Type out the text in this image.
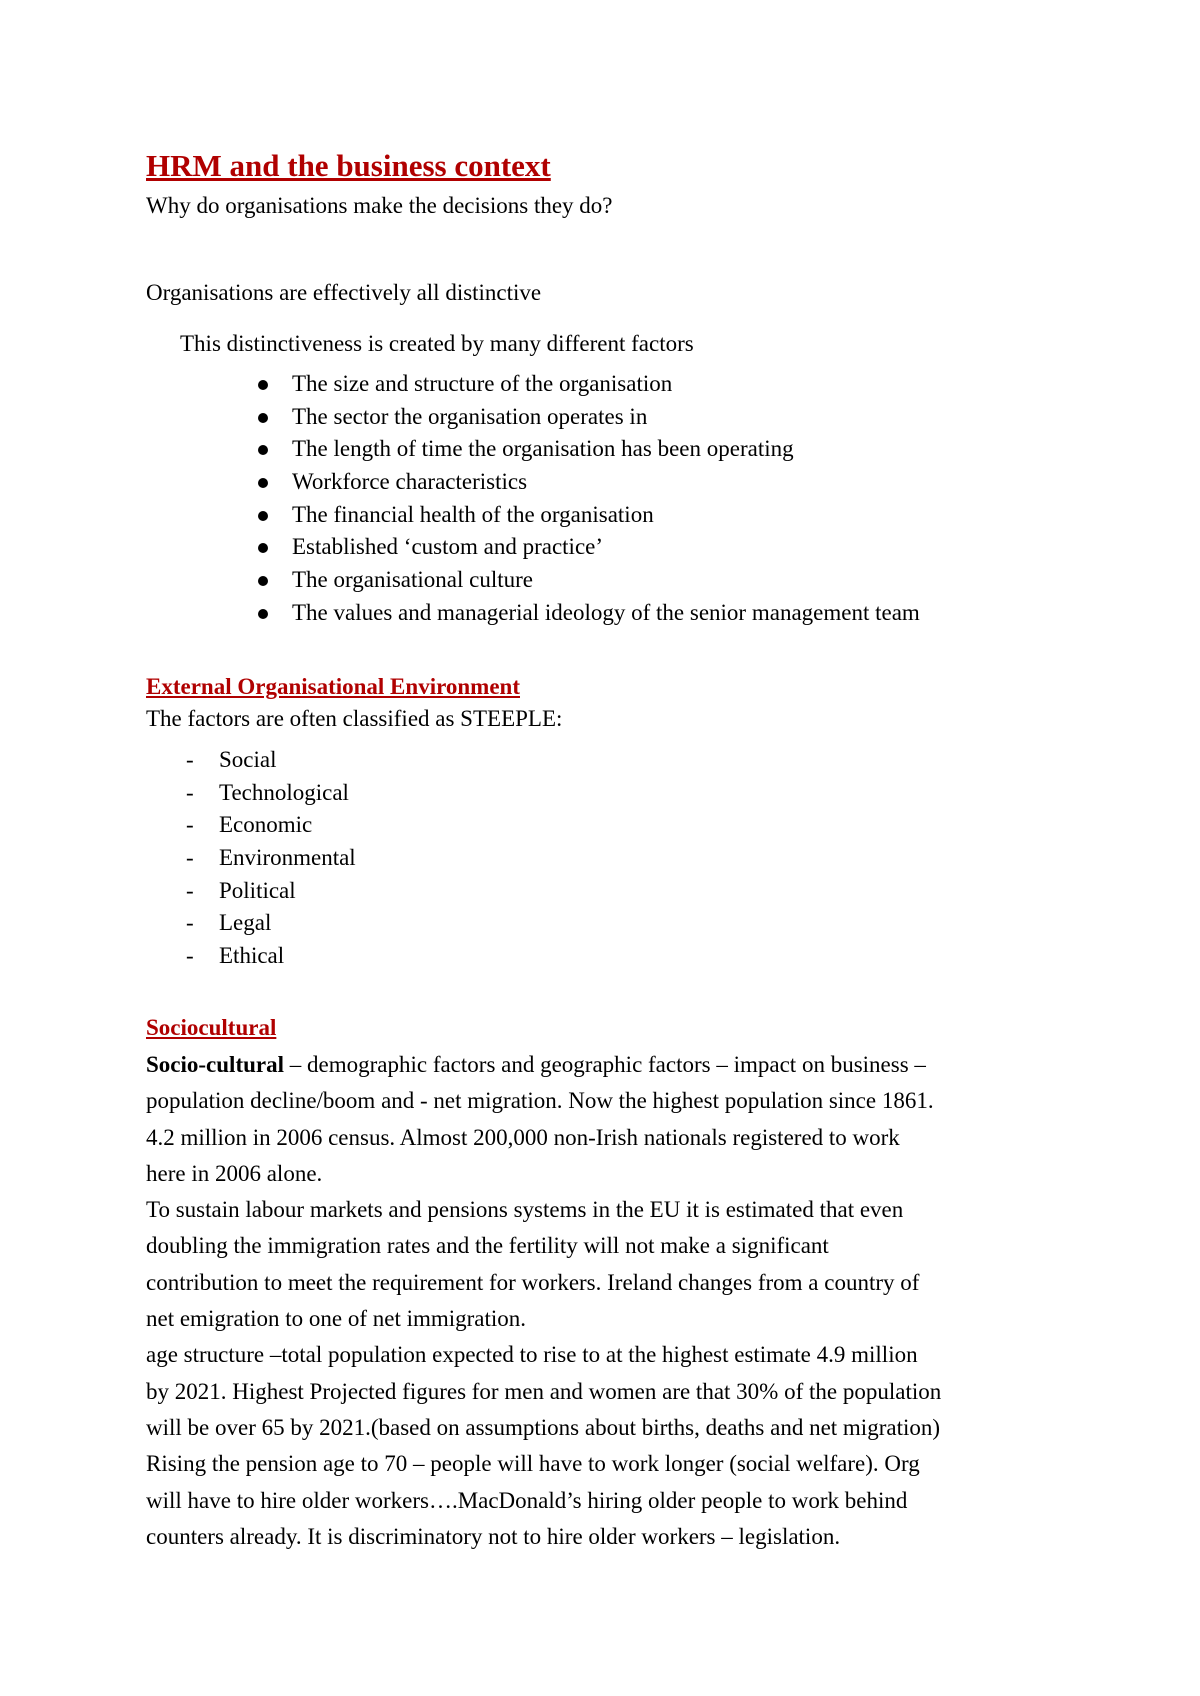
HRM and the business context

Why do organisations make the decisions they do?

Organisations are effectively all distinctive

This distinctiveness is created by many different factors

The size and structure of the organisation
The sector the organisation operates in
The length of time the organisation has been operating
Workforce characteristics
The financial health of the organisation
Established ‘custom and practice’
The organisational culture
The values and managerial ideology of the senior management team
External Organisational Environment

The factors are often classified as STEEPLE:

- Social
- Technological
- Economic
- Environmental
- Political
- Legal
- Ethical
Sociocultural
Socio-cultural – demographic factors and geographic factors – impact on business –
population decline/boom and - net migration. Now the highest population since 1861.
4.2 million in 2006 census. Almost 200,000 non-Irish nationals registered to work
here in 2006 alone.
To sustain labour markets and pensions systems in the EU it is estimated that even
doubling the immigration rates and the fertility will not make a significant
contribution to meet the requirement for workers. Ireland changes from a country of
net emigration to one of net immigration.
age structure –total population expected to rise to at the highest estimate 4.9 million
by 2021. Highest Projected figures for men and women are that 30% of the population
will be over 65 by 2021.(based on assumptions about births, deaths and net migration)
Rising the pension age to 70 – people will have to work longer (social welfare). Org
will have to hire older workers….MacDonald’s hiring older people to work behind
counters already. It is discriminatory not to hire older workers – legislation.
